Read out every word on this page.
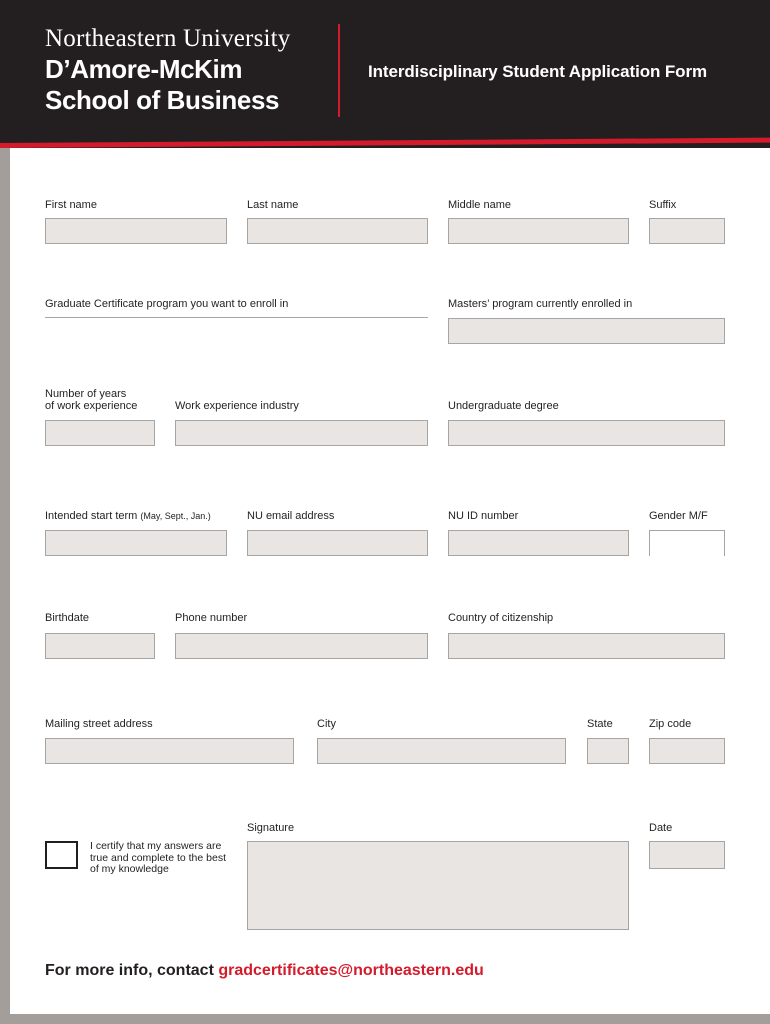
Northeastern University
D’Amore-McKim
School of Business
Interdisciplinary Student Application Form
First name	Last name	Middle name	Suffix
Graduate Certificate program you want to enroll in	Masters’ program currently enrolled in
Number of years
of work experience	Work experience industry	Undergraduate degree
Intended start term (May, Sept., Jan.)	NU email address	NU ID number	Gender M/F
Birthdate	Phone number	Country of citizenship
Mailing street address	City	State	Zip code
I certify that my answers are true and complete to the best of my knowledge
Signature	Date
For more info, contact gradcertificates@northeastern.edu
